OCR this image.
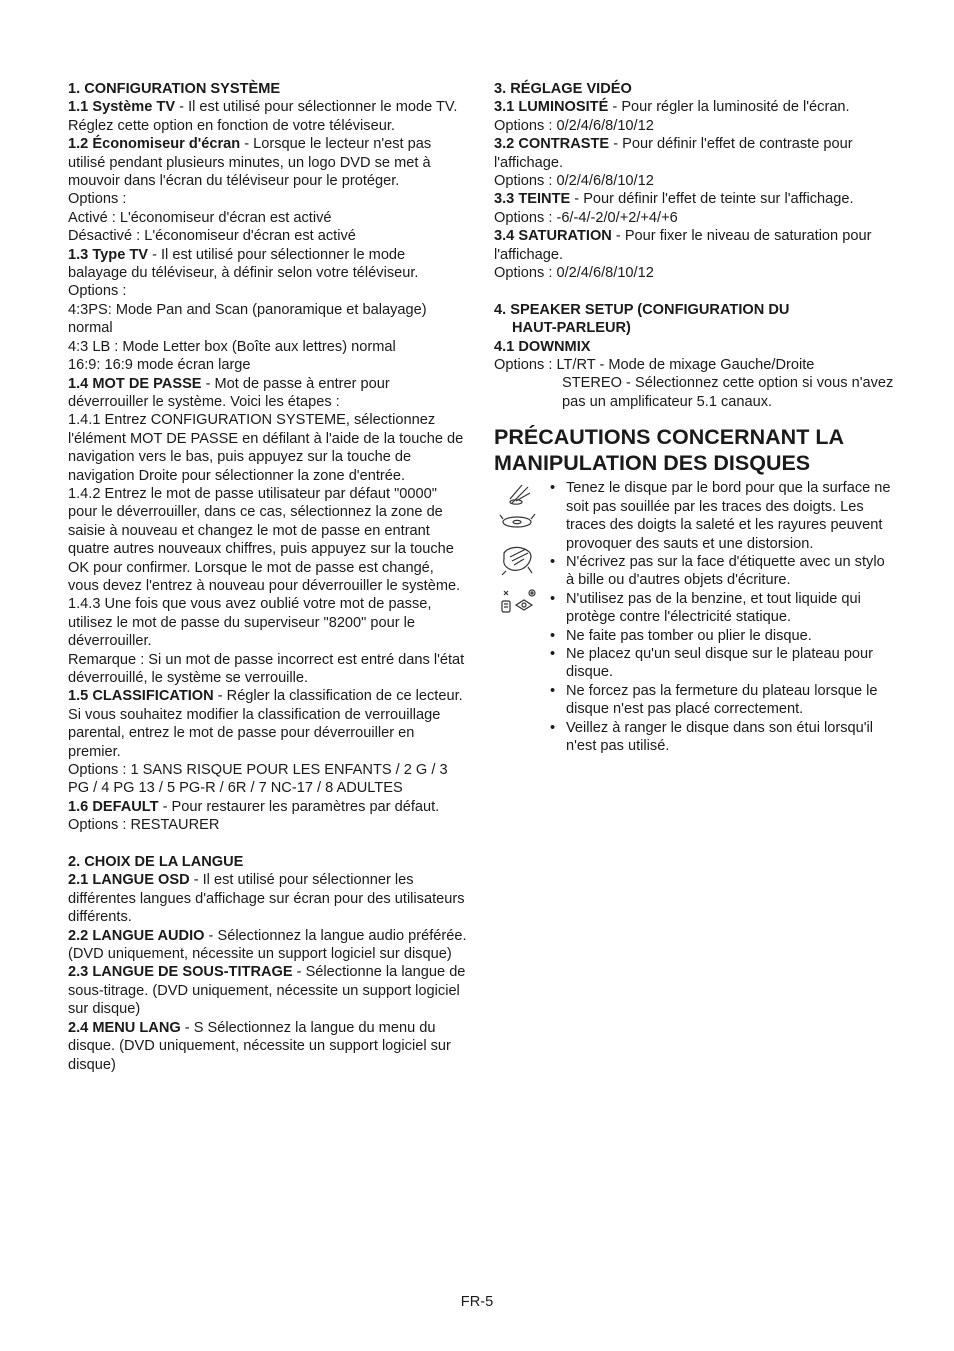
1. CONFIGURATION SYSTÈME

1.1 Système TV - Il est utilisé pour sélectionner le mode TV.

Réglez cette option en fonction de votre téléviseur.

1.2 Économiseur d'écran - Lorsque le lecteur n'est pas utilisé pendant plusieurs minutes, un logo DVD se met à mouvoir dans l'écran du téléviseur pour le protéger.

Options :

Activé : L'économiseur d'écran est activé

Désactivé : L'économiseur d'écran est activé

1.3 Type TV - Il est utilisé pour sélectionner le mode balayage du téléviseur, à définir selon votre téléviseur.

Options :

4:3PS: Mode Pan and Scan (panoramique et balayage) normal

4:3 LB : Mode Letter box (Boîte aux lettres) normal

16:9: 16:9 mode écran large

1.4 MOT DE PASSE - Mot de passe à entrer pour déverrouiller le système. Voici les étapes :

1.4.1 Entrez CONFIGURATION SYSTEME, sélectionnez l'élément MOT DE PASSE en défilant à l'aide de la touche de navigation vers le bas, puis appuyez sur la touche de navigation Droite pour sélectionner la zone d'entrée.

1.4.2 Entrez le mot de passe utilisateur par défaut "0000" pour le déverrouiller, dans ce cas, sélectionnez la zone de saisie à nouveau et changez le mot de passe en entrant quatre autres nouveaux chiffres, puis appuyez sur la touche OK pour confirmer. Lorsque le mot de passe est changé, vous devez l'entrez à nouveau pour déverrouiller le système.

1.4.3 Une fois que vous avez oublié votre mot de passe, utilisez le mot de passe du superviseur "8200" pour le déverrouiller.

Remarque : Si un mot de passe incorrect est entré dans l'état déverrouillé, le système se verrouille.

1.5 CLASSIFICATION - Régler la classification de ce lecteur. Si vous souhaitez modifier la classification de verrouillage parental, entrez le mot de passe pour déverrouiller en premier.

Options : 1 SANS RISQUE POUR LES ENFANTS / 2 G / 3 PG / 4 PG 13 / 5 PG-R / 6R / 7 NC-17 / 8 ADULTES

1.6 DEFAULT - Pour restaurer les paramètres par défaut.

Options : RESTAURER

2. CHOIX DE LA LANGUE

2.1 LANGUE OSD - Il est utilisé pour sélectionner les différentes langues d'affichage sur écran pour des utilisateurs différents.

2.2 LANGUE AUDIO - Sélectionnez la langue audio préférée. (DVD uniquement, nécessite un support logiciel sur disque)

2.3 LANGUE DE SOUS-TITRAGE - Sélectionne la langue de sous-titrage. (DVD uniquement, nécessite un support logiciel sur disque)

2.4 MENU LANG - S Sélectionnez la langue du menu du disque. (DVD uniquement, nécessite un support logiciel sur disque)

3. RÉGLAGE VIDÉO

3.1 LUMINOSITÉ - Pour régler la luminosité de l'écran.

Options : 0/2/4/6/8/10/12

3.2 CONTRASTE - Pour définir l'effet de contraste pour l'affichage.

Options : 0/2/4/6/8/10/12

3.3 TEINTE - Pour définir l'effet de teinte sur l'affichage.

Options : -6/-4/-2/0/+2/+4/+6

3.4 SATURATION - Pour fixer le niveau de saturation pour l'affichage.

Options : 0/2/4/6/8/10/12

4. SPEAKER SETUP (CONFIGURATION DU

HAUT-PARLEUR)

4.1 DOWNMIX

Options : LT/RT - Mode de mixage Gauche/Droite

STEREO - Sélectionnez cette option si vous n'avez pas un amplificateur 5.1 canaux.

PRÉCAUTIONS CONCERNANT LA MANIPULATION DES DISQUES
• Tenez le disque par le bord pour que la surface ne soit pas souillée par les traces des doigts. Les traces des doigts la saleté et les rayures peuvent provoquer des sauts et une distorsion.
• N'écrivez pas sur la face d'étiquette avec un stylo à bille ou d'autres objets d'écriture.
• N'utilisez pas de la benzine, et tout liquide qui protège contre l'électricité statique.
• Ne faite pas tomber ou plier le disque.
• Ne placez qu'un seul disque sur le plateau pour disque.
• Ne forcez pas la fermeture du plateau lorsque le disque n'est pas placé correctement.
• Veillez à ranger le disque dans son étui lorsqu'il n'est pas utilisé.
FR-5
